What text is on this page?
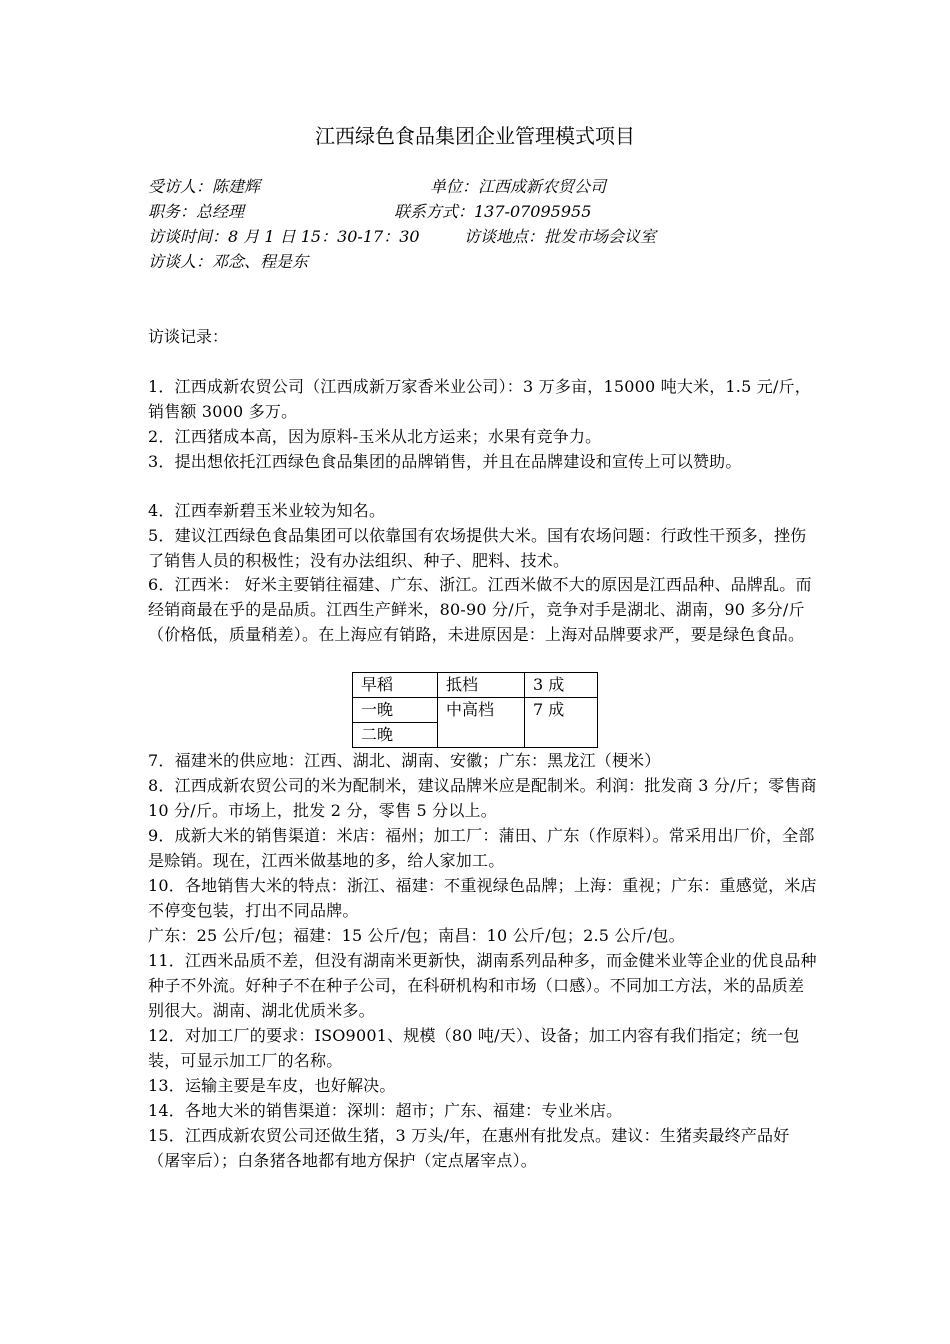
江西绿色食品集团企业管理模式项目
受访人：陈建辉	单位：江西成新农贸公司
职务：总经理	联系方式：137-07095955
访谈时间：8 月 1 日 15：30-17：30	访谈地点：批发市场会议室
访谈人：邓念、程是东
访谈记录：
1．江西成新农贸公司（江西成新万家香米业公司）：3 万多亩，15000 吨大米，1.5 元/斤，销售额 3000 多万。
2．江西猪成本高，因为原料-玉米从北方运来；水果有竞争力。
3．提出想依托江西绿色食品集团的品牌销售，并且在品牌建设和宣传上可以赞助。
4．江西奉新碧玉米业较为知名。
5．建议江西绿色食品集团可以依靠国有农场提供大米。国有农场问题：行政性干预多，挫伤了销售人员的积极性；没有办法组织、种子、肥料、技术。
6．江西米： 好米主要销往福建、广东、浙江。江西米做不大的原因是江西品种、品牌乱。而经销商最在乎的是品质。江西生产鲜米，80-90 分/斤，竞争对手是湖北、湖南，90 多分/斤（价格低，质量稍差）。在上海应有销路，未进原因是：上海对品牌要求严，要是绿色食品。
早稻	抵档	3 成
一晚	中高档	7 成
二晚		
7．福建米的供应地：江西、湖北、湖南、安徽；广东：黑龙江（梗米）
8．江西成新农贸公司的米为配制米，建议品牌米应是配制米。利润：批发商 3 分/斤；零售商 10 分/斤。市场上，批发 2 分，零售 5 分以上。
9．成新大米的销售渠道：米店：福州；加工厂：蒲田、广东（作原料）。常采用出厂价，全部是赊销。现在，江西米做基地的多，给人家加工。
10．各地销售大米的特点：浙江、福建：不重视绿色品牌；上海：重视；广东：重感觉，米店不停变包装，打出不同品牌。
广东：25 公斤/包；福建：15 公斤/包；南昌：10 公斤/包；2.5 公斤/包。
11．江西米品质不差，但没有湖南米更新快，湖南系列品种多，而金健米业等企业的优良品种种子不外流。好种子不在种子公司，在科研机构和市场（口感）。不同加工方法，米的品质差别很大。湖南、湖北优质米多。
12．对加工厂的要求：ISO9001、规模（80 吨/天）、设备；加工内容有我们指定；统一包装，可显示加工厂的名称。
13．运输主要是车皮，也好解决。
14．各地大米的销售渠道：深圳：超市；广东、福建：专业米店。
15．江西成新农贸公司还做生猪，3 万头/年，在惠州有批发点。建议：生猪卖最终产品好（屠宰后）；白条猪各地都有地方保护（定点屠宰点）。
